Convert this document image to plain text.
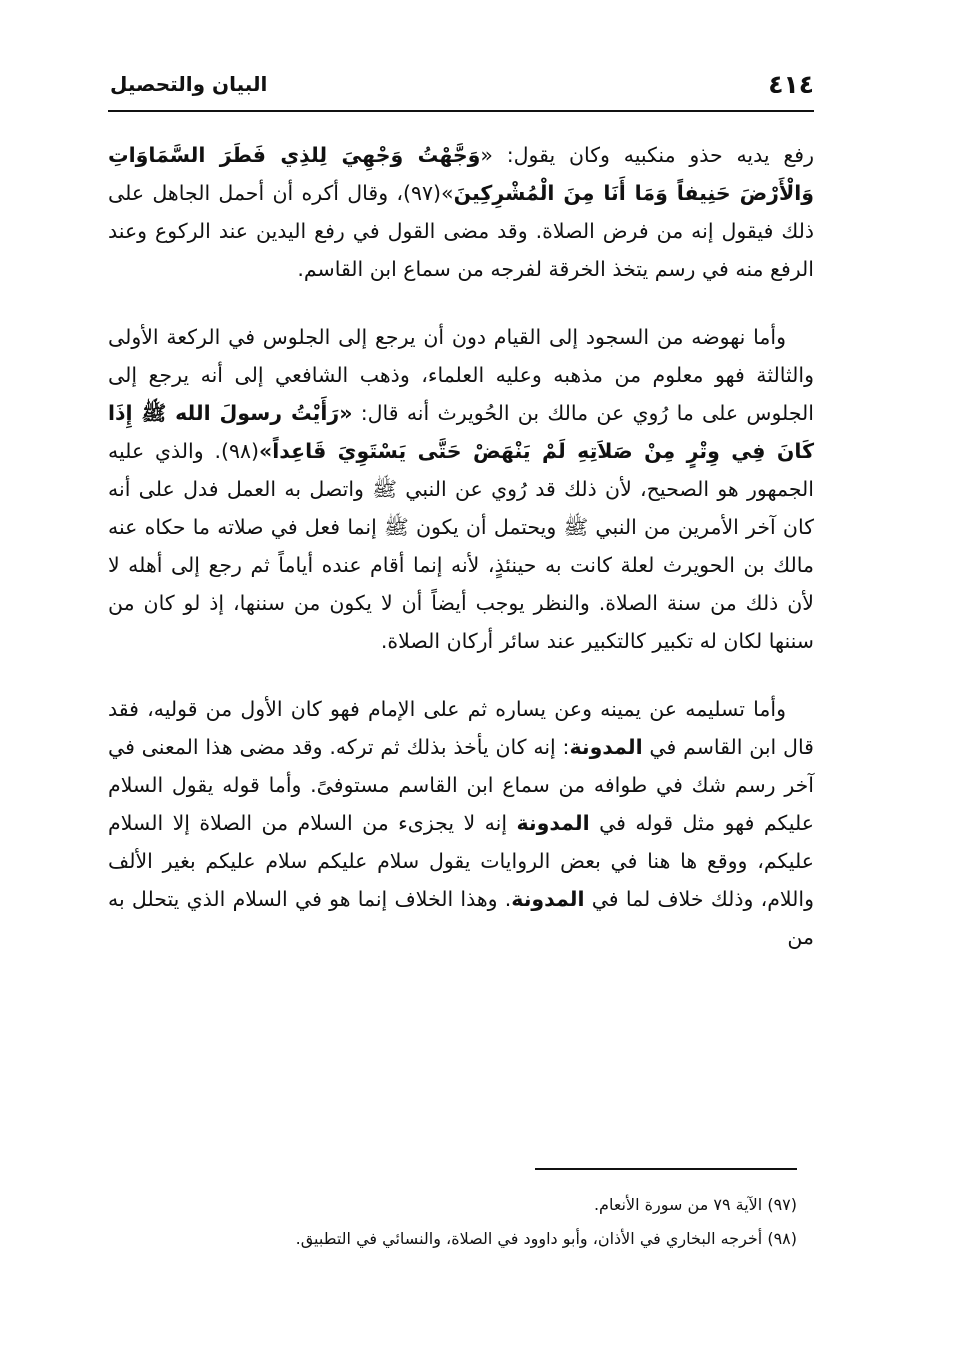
٤١٤
البيان والتحصيل

رفع يديه حذو منكبيه وكان يقول: «وَجَّهْتُ وَجْهِيَ لِلذِي فَطَرَ السَّمَاوَاتِ وَالْأَرْضَ حَنِيفاً وَمَا أَنَا مِنَ الْمُشْرِكِينَ»(٩٧)، وقال أكره أن أحمل الجاهل على ذلك فيقول إنه من فرض الصلاة. وقد مضى القول في رفع اليدين عند الركوع وعند الرفع منه في رسم يتخذ الخرقة لفرجه من سماع ابن القاسم.

وأما نهوضه من السجود إلى القيام دون أن يرجع إلى الجلوس في الركعة الأولى والثالثة فهو معلوم من مذهبه وعليه العلماء، وذهب الشافعي إلى أنه يرجع إلى الجلوس على ما رُوي عن مالك بن الحُويرث أنه قال: «رَأَيْتُ رسولَ الله ﷺ إِذَا كَانَ فِي وِتْرٍ مِنْ صَلاَتِهِ لَمْ يَنْهَضْ حَتَّى يَسْتَوِيَ قَاعِداً»(٩٨). والذي عليه الجمهور هو الصحيح، لأن ذلك قد رُوي عن النبي ﷺ واتصل به العمل فدل على أنه كان آخر الأمرين من النبي ﷺ ويحتمل أن يكون ﷺ إنما فعل في صلاته ما حكاه عنه مالك بن الحويرث لعلة كانت به حينئذٍ، لأنه إنما أقام عنده أياماً ثم رجع إلى أهله لا لأن ذلك من سنة الصلاة. والنظر يوجب أيضاً أن لا يكون من سننها، إذ لو كان من سننها لكان له تكبير كالتكبير عند سائر أركان الصلاة.

وأما تسليمه عن يمينه وعن يساره ثم على الإمام فهو كان الأول من قوليه، فقد قال ابن القاسم في المدونة: إنه كان يأخذ بذلك ثم تركه. وقد مضى هذا المعنى في آخر رسم شك في طوافه من سماع ابن القاسم مستوفىً. وأما قوله يقول السلام عليكم فهو مثل قوله في المدونة إنه لا يجزىء من السلام من الصلاة إلا السلام عليكم، ووقع ها هنا في بعض الروايات يقول سلام عليكم سلام عليكم بغير الألف واللام، وذلك خلاف لما في المدونة. وهذا الخلاف إنما هو في السلام الذي يتحلل به من

(٩٧) الآية ٧٩ من سورة الأنعام.

(٩٨) أخرجه البخاري في الأذان، وأبو داوود في الصلاة، والنسائي في التطبيق.
